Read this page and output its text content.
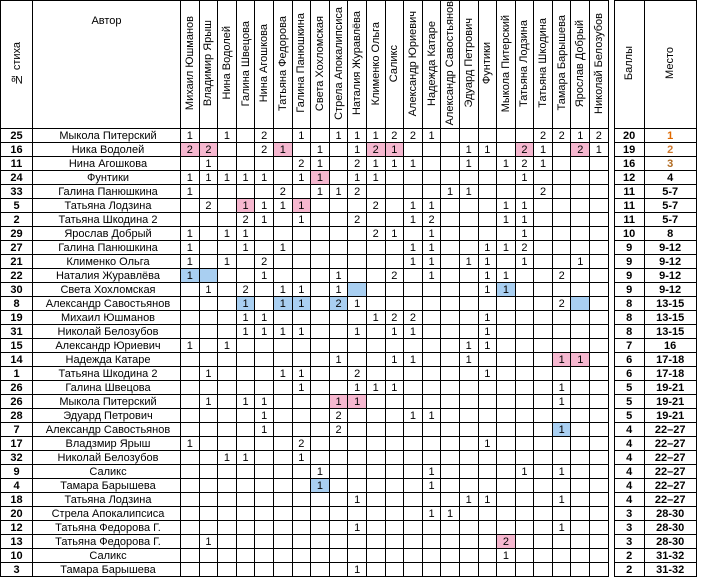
№ стиха	Автор	Михаил Юшманов	Владимир Ярыш	Нина Водолей	Галина Швецова	Нина Агошкова	Татьяна Федорова	Галина Панюшкина	Света Хохломская	Стрела Апокалипсиса	Наталия Журавлёва	Клименко Ольга	Саликс	Александр Юриевич	Надежда Катаре	Александр Савостьянов	Эдуард Петрович	Фунтики	Мыкола Питерский	Татьяна Лодзина	Татьяна Шкодина	Тамара Барышева	Ярослав Добрый	Николай Белозубов		Баллы	Место
25	Мыкола Питерский	1		1		2		1		1	1	1	2	2	1						2	2	1	2		20	1
16	Ника Водолей	2	2			2	1		1		1	2	1				1	1		2	1		2	1		19	2
11	Нина Агошкова		1					2	1		2	1	1	1			1		1	2	1					16	3
24	Фунтики	1	1	1	1	1		1	1		1	1								1						12	4
33	Галина Панюшкина	1					2		1	1	2					1	1				2					11	5-7
5	Татьяна Лодзина		2		1	1	1	1				2		1	1				1	1						11	5-7
2	Татьяна Шкодина 2				2	1		1			2			1	2				1	1						11	5-7
29	Ярослав Добрый	1		1	1							2	1		1					1						10	8
27	Галина Панюшкина	1			1		1							1	1			1	1	2						9	9-12
21	Клименко Ольга	1		1		2								1	1		1	1		1			1			9	9-12
22	Наталия Журавлёва	1				1				1			2		1			1	1			2				9	9-12
30	Света Хохломская		1		2		1	1		1								1	1							9	9-12
8	Александр Савостьянов				1		1	1		2	1											2				8	13-15
19	Михаил Юшманов				1	1						1	2	2				1								8	13-15
31	Николай Белозубов				1	1	1	1			1		1	1				1								8	13-15
15	Александр Юриевич	1		1													1	1								7	16
14	Надежда Катаре									1			1	1			1					1	1			6	17-18
1	Татьяна Шкодина 2		1				1	1			2							1								6	17-18
26	Галина Швецова							1			1	1	1									1				5	19-21
26	Мыкола Питерский		1		1	1				1	1											1				5	19-21
28	Эдуард Петрович					1				2				1	1											5	19-21
7	Александр Савостьянов					1				2												1				4	22–27
17	Владзмир Ярыш	1						2										1								4	22–27
32	Николай Белозубов			1	1			1																		4	22–27
9	Саликс								1						1					1		1				4	22–27
4	Тамара Барышева								1						1											4	22–27
18	Татьяна Лодзина										1						1	1				1				4	22–27
20	Стрела Апокалипсиса														1	1										3	28-30
12	Татьяна Федорова Г.										1											1				3	28-30
13	Татьяна Федорова Г.		1																2							3	28-30
10	Саликс																		1							2	31-32
3	Тамара Барышева										1															2	31-32
